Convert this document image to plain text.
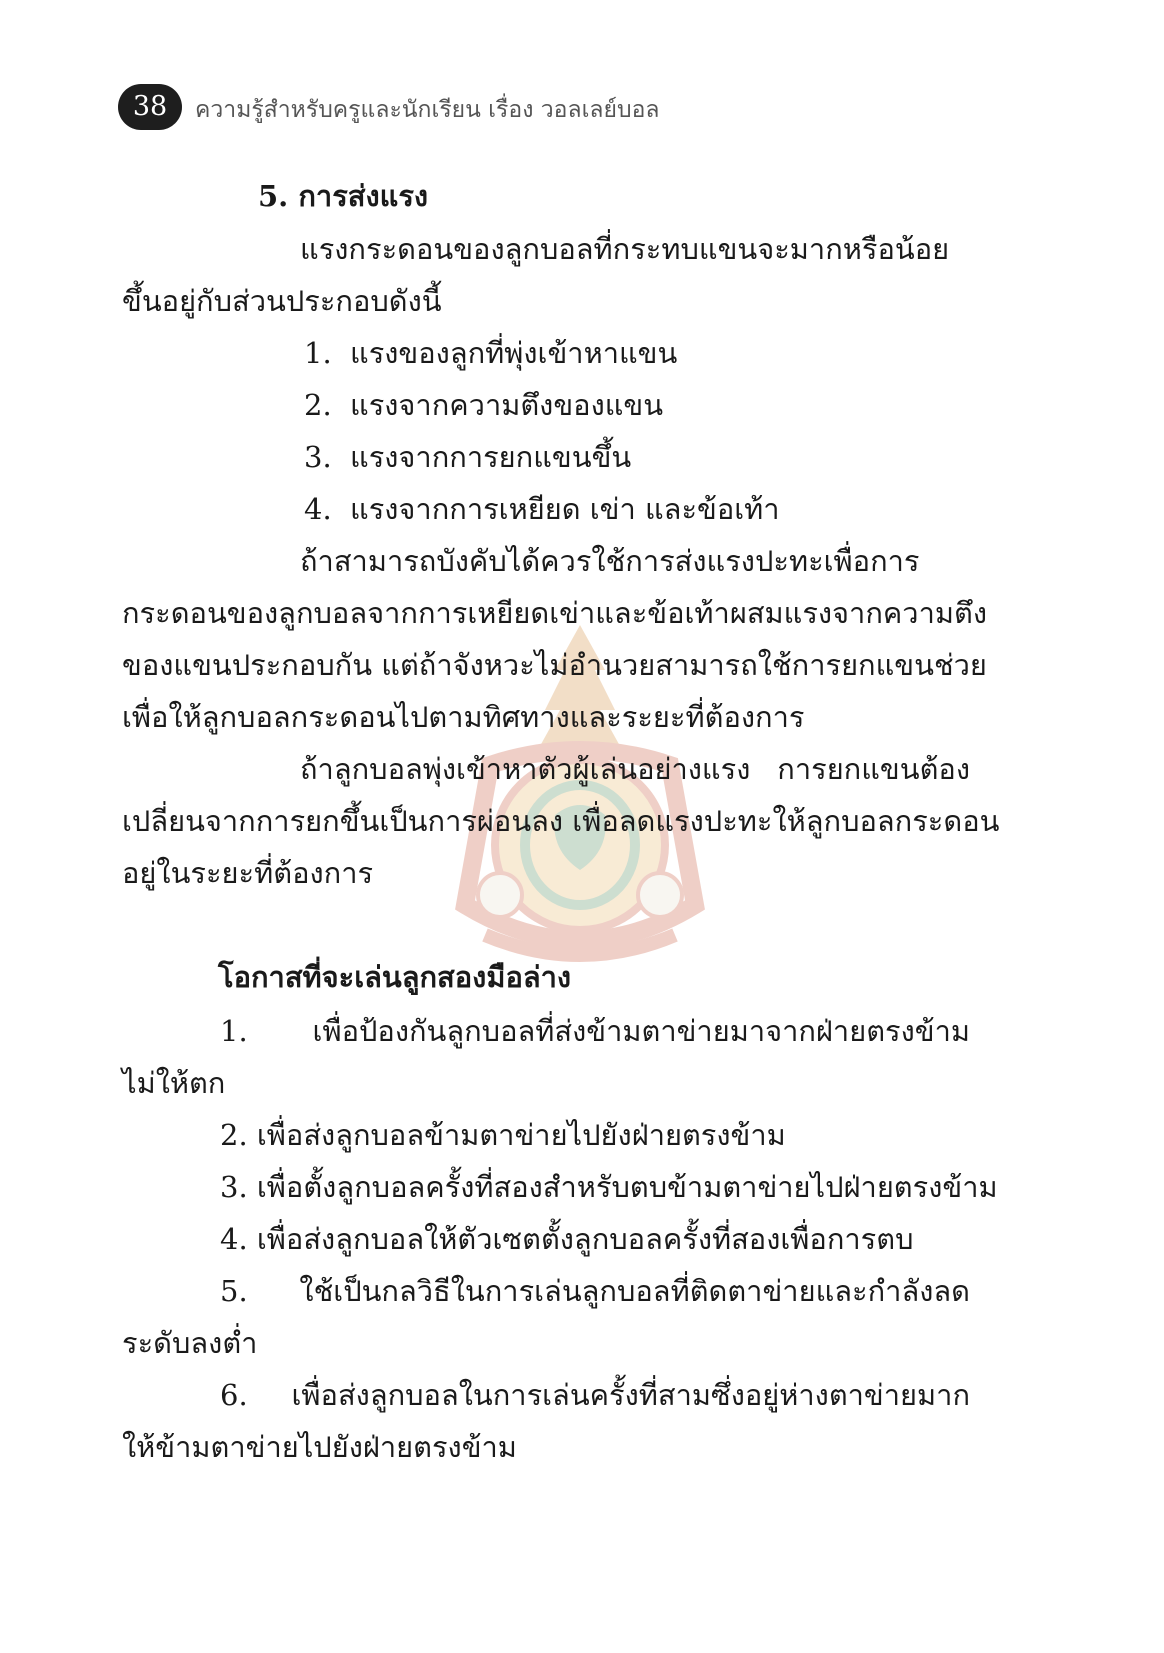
38	ความรู้สำหรับครูและนักเรียน เรื่อง วอลเลย์บอล
5. การส่งแรง
แรงกระดอนของลูกบอลที่กระทบแขนจะมากหรือน้อย
ขึ้นอยู่กับส่วนประกอบดังนี้
1. แรงของลูกที่พุ่งเข้าหาแขน
2. แรงจากความตึงของแขน
3. แรงจากการยกแขนขึ้น
4. แรงจากการเหยียด เข่า และข้อเท้า
ถ้าสามารถบังคับได้ควรใช้การส่งแรงปะทะเพื่อการ
กระดอนของลูกบอลจากการเหยียดเข่าและข้อเท้าผสมแรงจากความตึง
ของแขนประกอบกัน แต่ถ้าจังหวะไม่อำนวยสามารถใช้การยกแขนช่วย
เพื่อให้ลูกบอลกระดอนไปตามทิศทางและระยะที่ต้องการ
ถ้าลูกบอลพุ่งเข้าหาตัวผู้เล่นอย่างแรง การยกแขนต้อง
เปลี่ยนจากการยกขึ้นเป็นการผ่อนลง เพื่อลดแรงปะทะให้ลูกบอลกระดอน
อยู่ในระยะที่ต้องการ
โอกาสที่จะเล่นลูกสองมือล่าง
1. เพื่อป้องกันลูกบอลที่ส่งข้ามตาข่ายมาจากฝ่ายตรงข้าม
ไม่ให้ตก
2. เพื่อส่งลูกบอลข้ามตาข่ายไปยังฝ่ายตรงข้าม
3. เพื่อตั้งลูกบอลครั้งที่สองสำหรับตบข้ามตาข่ายไปฝ่ายตรงข้าม
4. เพื่อส่งลูกบอลให้ตัวเซตตั้งลูกบอลครั้งที่สองเพื่อการตบ
5. ใช้เป็นกลวิธีในการเล่นลูกบอลที่ติดตาข่ายและกำลังลด
ระดับลงต่ำ
6. เพื่อส่งลูกบอลในการเล่นครั้งที่สามซึ่งอยู่ห่างตาข่ายมาก
ให้ข้ามตาข่ายไปยังฝ่ายตรงข้าม
